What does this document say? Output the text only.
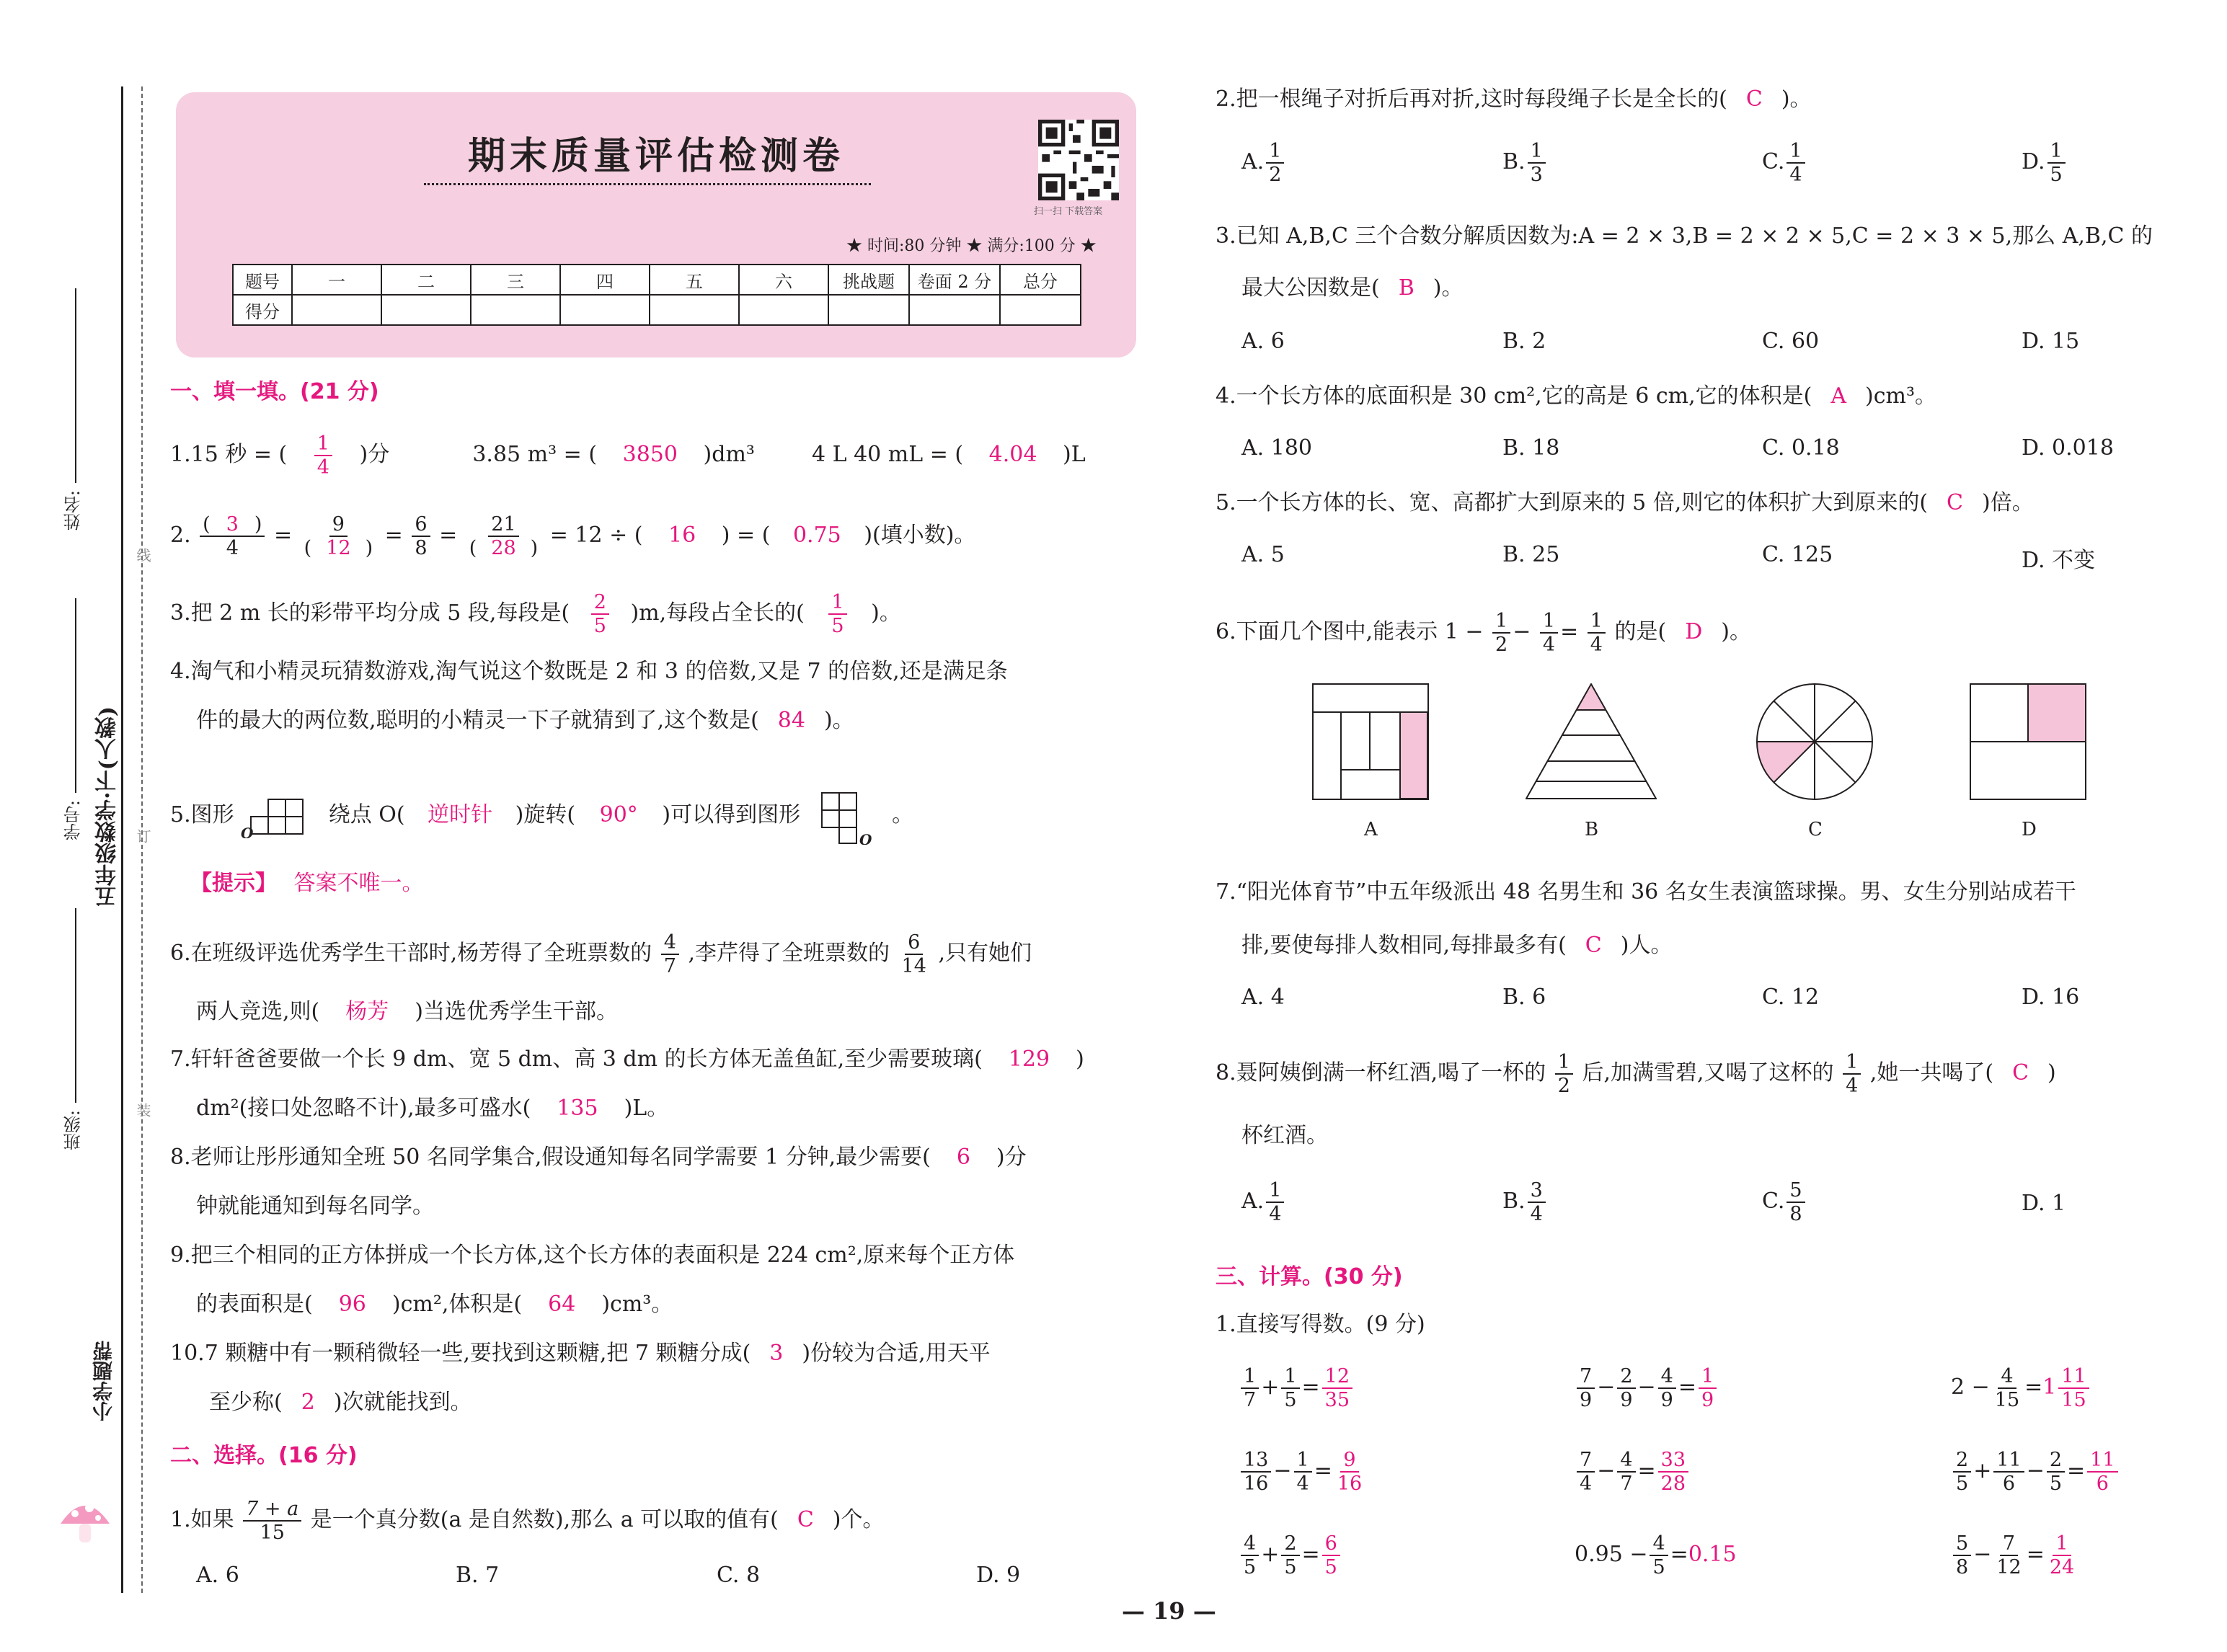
线
订
装
姓名:
学号:
班级:
五年级数学·下(人教)
小学题帮
期末质量评估检测卷
扫一扫 下载答案
★ 时间:80 分钟 ★ 满分:100 分 ★
题号	一	二	三	四	五	六	挑战题	卷面 2 分	总分
得分									
一、填一填。(21 分)
1.15 秒 = ( $\frac{1}{4}$ )分	3.85 m³ = ( 3850 )dm³	4 L 40 mL = ( 4.04 )L
2. $\frac{( 3 )}{4} = \frac{9}{( 12 )} = \frac{6}{8} = \frac{21}{( 28 )} = 12$ ÷ ( 16 ) = ( 0.75 )(填小数)。
3.把 2 m 长的彩带平均分成 5 段,每段是( $\frac{2}{5} )m$,每段占全长的( $\frac{1}{5}$ )。
4.淘气和小精灵玩猜数游戏,淘气说这个数既是 2 和 3 的倍数,又是 7 的倍数,还是满足条
件的最大的两位数,聪明的小精灵一下子就猜到了,这个数是( 84 )。
5.图形
O
绕点 O( 逆时针 )旋转( 90° )可以得到图形
O
。
【提示】 答案不唯一。
6.在班级评选优秀学生干部时,杨芳得了全班票数的 $\frac{4}{7}$ ,李芹得了全班票数的 $\frac{6}{14}$ ,只有她们
两人竞选,则( 杨芳 )当选优秀学生干部。
7.轩轩爸爸要做一个长 9 dm、宽 5 dm、高 3 dm 的长方体无盖鱼缸,至少需要玻璃( 129 )
dm²(接口处忽略不计),最多可盛水( 135 )L。
8.老师让彤彤通知全班 50 名同学集合,假设通知每名同学需要 1 分钟,最少需要( 6 )分
钟就能通知到每名同学。
9.把三个相同的正方体拼成一个长方体,这个长方体的表面积是 224 cm²,原来每个正方体
的表面积是( 96 )cm²,体积是( 64 )cm³。
10.7 颗糖中有一颗稍微轻一些,要找到这颗糖,把 7 颗糖分成( 3 )份较为合适,用天平
至少称( 2 )次就能找到。
二、选择。(16 分)
1.如果 $\frac{7 + a}{15}$ 是一个真分数(a 是自然数),那么 a 可以取的值有( C )个。
A. 6	B. 7	C. 8	D. 9
2.把一根绳子对折后再对折,这时每段绳子长是全长的( C )。
A. $\frac{1}{2}$	B. $\frac{1}{3}$	C. $\frac{1}{4}$	D. $\frac{1}{5}$
3.已知 A,B,C 三个合数分解质因数为:A = 2 × 3,B = 2 × 2 × 5,C = 2 × 3 × 5,那么 A,B,C 的
最大公因数是( B )。
A. 6	B. 2	C. 60	D. 15
4.一个长方体的底面积是 30 cm²,它的高是 6 cm,它的体积是( A )cm³。
A. 180	B. 18	C. 0.18	D. 0.018
5.一个长方体的长、宽、高都扩大到原来的 5 倍,则它的体积扩大到原来的( C )倍。
A. 5	B. 25	C. 125	D. 不变
6.下面几个图中,能表示 $1 - \frac{1}{2} - \frac{1}{4} = \frac{1}{4}$ 的是( D )。
A	B	C	D
7.“阳光体育节”中五年级派出 48 名男生和 36 名女生表演篮球操。男、女生分别站成若干
排,要使每排人数相同,每排最多有( C )人。
A. 4	B. 6	C. 12	D. 16
8.聂阿姨倒满一杯红酒,喝了一杯的 $\frac{1}{2}$ 后,加满雪碧,又喝了这杯的 $\frac{1}{4}$ ,她一共喝了( C )
杯红酒。
A. $\frac{1}{4}$	B. $\frac{3}{4}$	C. $\frac{5}{8}$	D. 1
三、计算。(30 分)
1.直接写得数。(9 分)
$\frac{1}{7} + \frac{1}{5} = \frac{12}{35}$	$\frac{7}{9} - \frac{2}{9} - \frac{4}{9} = \frac{1}{9}$	$2 - \frac{4}{15} =1 \frac{11}{15}$
$\frac{13}{16} - \frac{1}{4} = \frac{9}{16}$	$\frac{7}{4} - \frac{4}{7} = \frac{33}{28}$	$\frac{2}{5} + \frac{11}{6} - \frac{2}{5} = \frac{11}{6}$
$\frac{4}{5} + \frac{2}{5} = \frac{6}{5}$	$0.95 - \frac{4}{5} =0.15$	$\frac{5}{8} - \frac{7}{12} = \frac{1}{24}$
— 19 —
